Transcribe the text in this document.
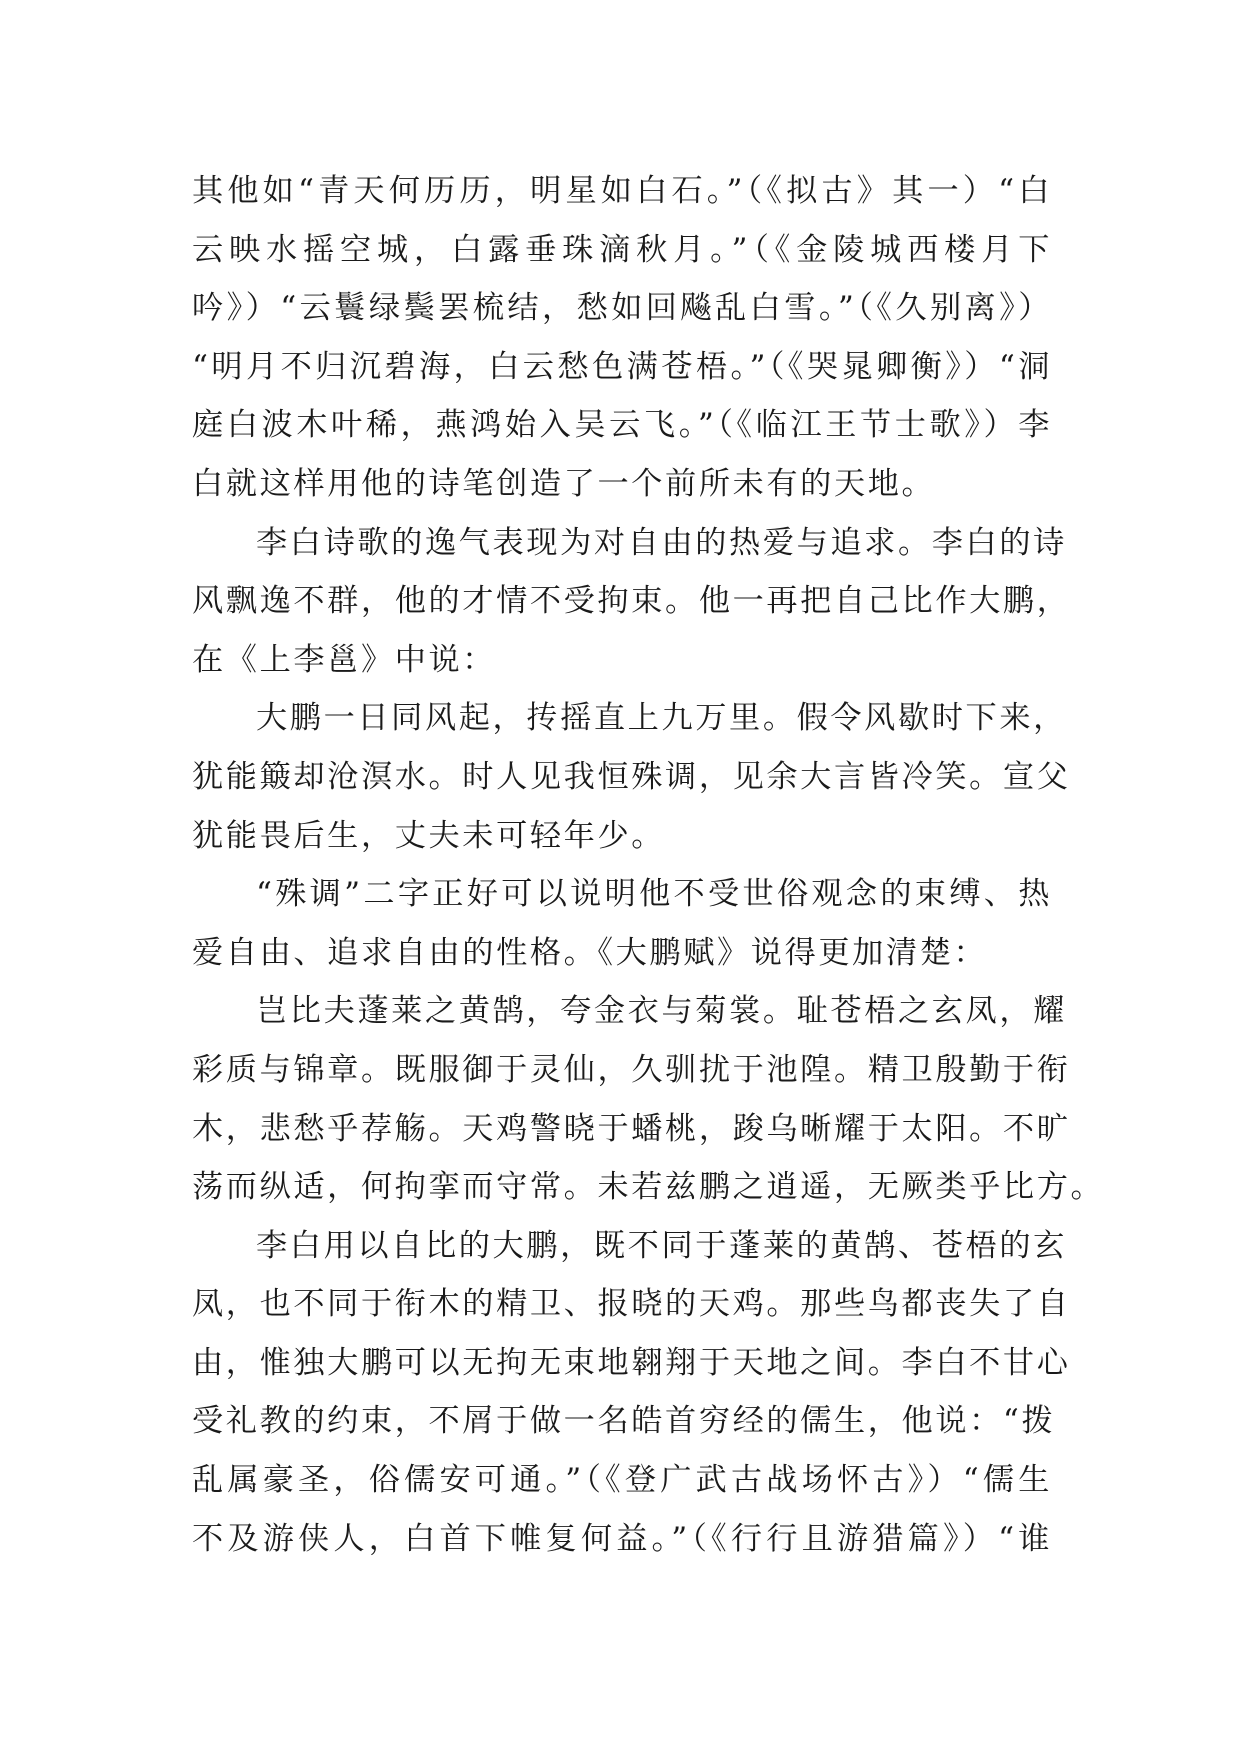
其他如“青天何历历，明星如白石。”（《拟古》其一）“白
云映水摇空城，白露垂珠滴秋月。”（《金陵城西楼月下
吟》）“云鬟绿鬓罢梳结，愁如回飚乱白雪。”（《久别离》）
“明月不归沉碧海，白云愁色满苍梧。”（《哭晁卿衡》）“洞
庭白波木叶稀，燕鸿始入吴云飞。”（《临江王节士歌》）李
白就这样用他的诗笔创造了一个前所未有的天地。
李白诗歌的逸气表现为对自由的热爱与追求。李白的诗
风飘逸不群，他的才情不受拘束。他一再把自己比作大鹏，
在《上李邕》中说：
大鹏一日同风起，抟摇直上九万里。假令风歇时下来，
犹能簸却沧溟水。时人见我恒殊调，见余大言皆冷笑。宣父
犹能畏后生，丈夫未可轻年少。
“殊调”二字正好可以说明他不受世俗观念的束缚、热
爱自由、追求自由的性格。《大鹏赋》说得更加清楚：
岂比夫蓬莱之黄鹄，夸金衣与菊裳。耻苍梧之玄凤，耀
彩质与锦章。既服御于灵仙，久驯扰于池隍。精卫殷勤于衔
木，悲愁乎荐觞。天鸡警晓于蟠桃，踆乌晰耀于太阳。不旷
荡而纵适，何拘挛而守常。未若兹鹏之逍遥，无厥类乎比方。
李白用以自比的大鹏，既不同于蓬莱的黄鹄、苍梧的玄
凤，也不同于衔木的精卫、报晓的天鸡。那些鸟都丧失了自
由，惟独大鹏可以无拘无束地翱翔于天地之间。李白不甘心
受礼教的约束，不屑于做一名皓首穷经的儒生，他说：“拨
乱属豪圣，俗儒安可通。”（《登广武古战场怀古》）“儒生
不及游侠人，白首下帷复何益。”（《行行且游猎篇》）“谁
